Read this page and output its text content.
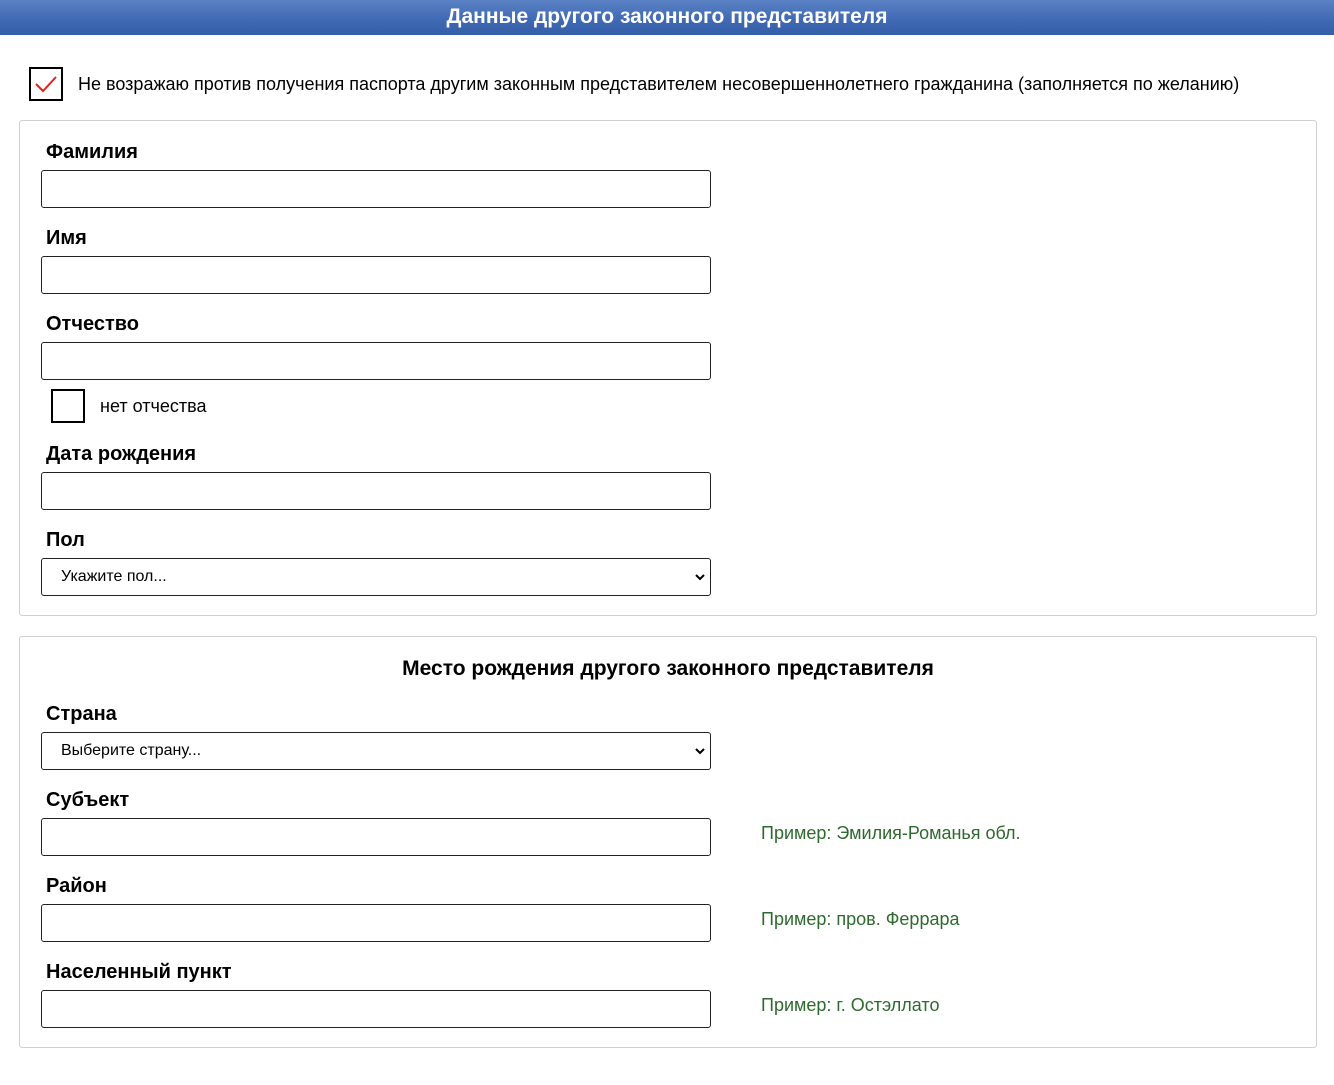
Данные другого законного представителя
Не возражаю против получения паспорта другим законным представителем несовершеннолетнего гражданина (заполняется по желанию)
Фамилия
Имя
Отчество
нет отчества
Дата рождения
Пол
Укажите пол...
Место рождения другого законного представителя
Страна
Выберите страну...
Субъект
Пример: Эмилия-Романья обл.
Район
Пример: пров. Феррара
Населенный пункт
Пример: г. Остэллато
